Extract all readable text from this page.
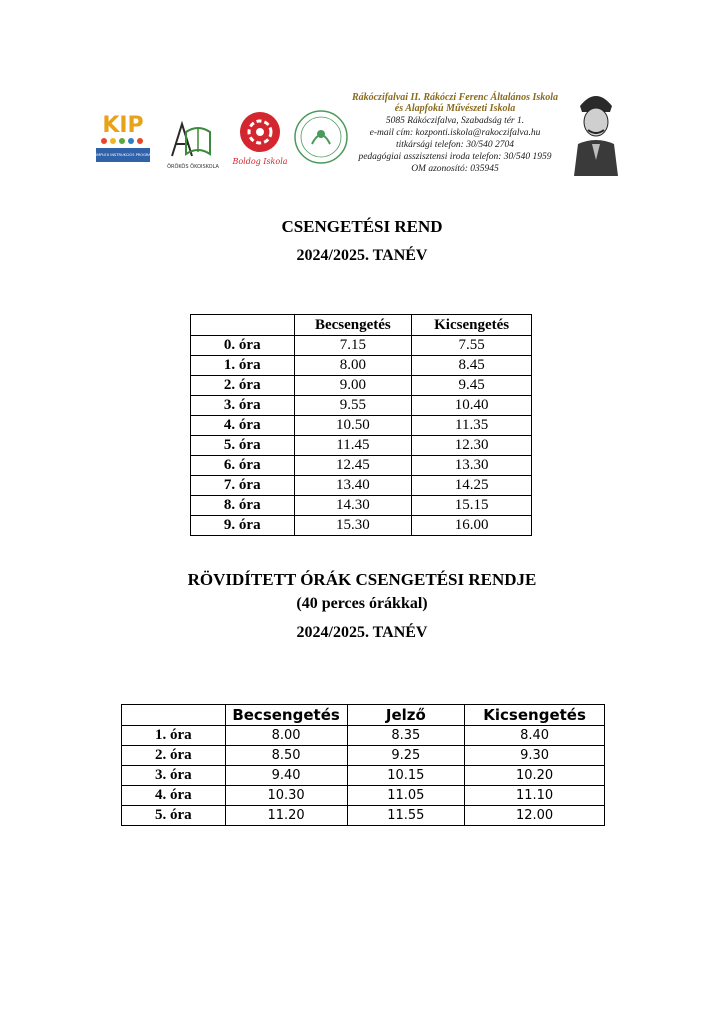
KIP
KOMPLEX INSTRUKCIÓS PROGRAM
ÖRÖKÖS ÖKOISKOLA
Boldog Iskola
Rákóczifalvai II. Rákóczi Ferenc Általános Iskola
és Alapfokú Művészeti Iskola
5085 Rákóczifalva, Szabadság tér 1.
e-mail cím: kozponti.iskola@rakoczifalva.hu
titkársági telefon: 30/540 2704
pedagógiai asszisztensi iroda telefon: 30/540 1959
OM azonosító: 035945
CSENGETÉSI REND
2024/2025. TANÉV
	Becsengetés	Kicsengetés
0. óra	7.15	7.55
1. óra	8.00	8.45
2. óra	9.00	9.45
3. óra	9.55	10.40
4. óra	10.50	11.35
5. óra	11.45	12.30
6. óra	12.45	13.30
7. óra	13.40	14.25
8. óra	14.30	15.15
9. óra	15.30	16.00
RÖVIDÍTETT ÓRÁK CSENGETÉSI RENDJE
(40 perces órákkal)
2024/2025. TANÉV
	Becsengetés	Jelző	Kicsengetés
1. óra	8.00	8.35	8.40
2. óra	8.50	9.25	9.30
3. óra	9.40	10.15	10.20
4. óra	10.30	11.05	11.10
5. óra	11.20	11.55	12.00
